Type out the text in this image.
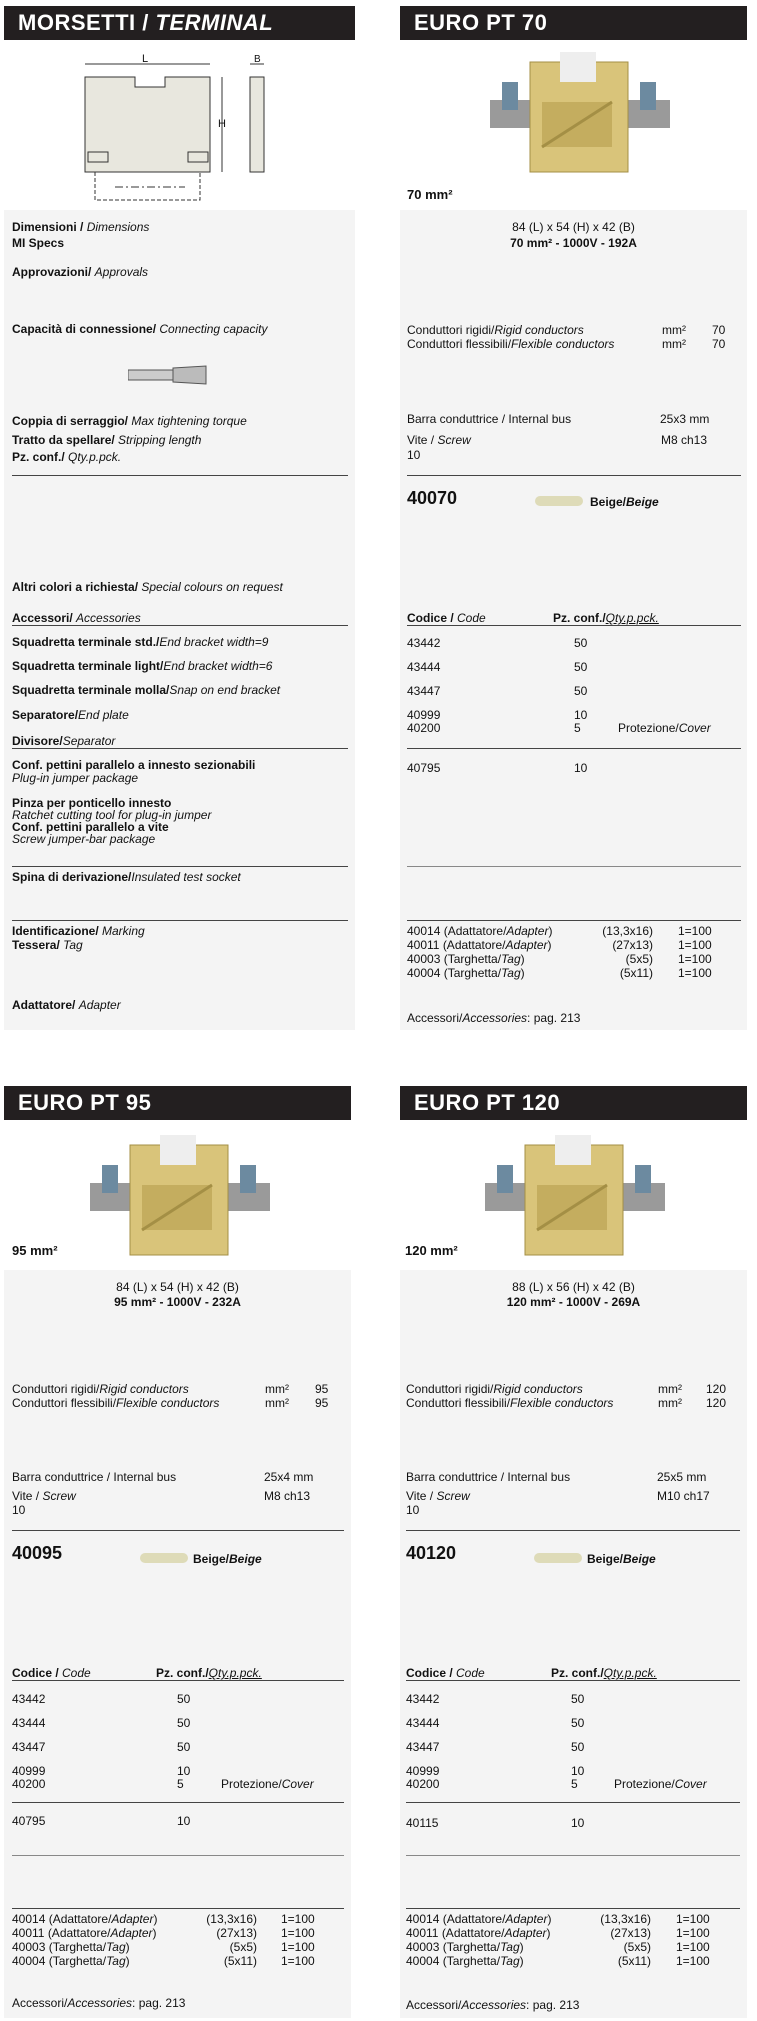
MORSETTI / TERMINAL BLOCKS
EURO PT 70
EURO PT 95	EURO PT 120
L
H
B
70 mm²
95 mm²	120 mm²
Dimensioni / Dimensions
MI Specs
Approvazioni/ Approvals
Capacità di connessione/ Connecting capacity
Coppia di serraggio/ Max tightening torque
Tratto da spellare/ Stripping length
Pz. conf./ Qty.p.pck.
Altri colori a richiesta/ Special colours on request
Accessori/ Accessories
Squadretta terminale std./End bracket width=9
Squadretta terminale light/End bracket width=6
Squadretta terminale molla/Snap on end bracket
Separatore/End plate
Divisore/Separator
Conf. pettini parallelo a innesto sezionabili
Plug-in jumper package
Pinza per ponticello innesto
Ratchet cutting tool for plug-in jumper
Conf. pettini parallelo a vite
Screw jumper-bar package
Spina di derivazione/Insulated test socket
Identificazione/ Marking
Tessera/ Tag
Adattatore/ Adapter
84 (L) x 54 (H) x 42 (B)
70 mm² - 1000V - 192A
Conduttori rigidi/Rigid conductors	mm² 70
Conduttori flessibili/Flexible conductors	mm² 70
Barra conduttrice / Internal bus	25x3 mm
Vite / Screw	M8 ch13
10
40070	Beige/Beige
Codice / Code	Pz. conf./Qty.p.pck.
43442	50
43444	50
43447	50
40999	10
40200	5	Protezione/Cover
40795	10
40014 (Adattatore/Adapter)	(13,3x16) 1=100
40011 (Adattatore/Adapter)	(27x13) 1=100
40003 (Targhetta/Tag)	(5x5) 1=100
40004 (Targhetta/Tag)	(5x11) 1=100
Accessori/Accessories: pag. 213
84 (L) x 54 (H) x 42 (B)
95 mm² - 1000V - 232A
Conduttori rigidi/Rigid conductors	mm² 95
Conduttori flessibili/Flexible conductors	mm² 95
Barra conduttrice / Internal bus	25x4 mm
Vite / Screw	M8 ch13
10
40095	Beige/Beige
Codice / Code	Pz. conf./Qty.p.pck.
43442	50
43444	50
43447	50
40999	10
40200	5	Protezione/Cover
40795	10
40014 (Adattatore/Adapter)	(13,3x16) 1=100
40011 (Adattatore/Adapter)	(27x13) 1=100
40003 (Targhetta/Tag)	(5x5) 1=100
40004 (Targhetta/Tag)	(5x11) 1=100
Accessori/Accessories: pag. 213
88 (L) x 56 (H) x 42 (B)
120 mm² - 1000V - 269A
Conduttori rigidi/Rigid conductors	mm² 120
Conduttori flessibili/Flexible conductors	mm² 120
Barra conduttrice / Internal bus	25x5 mm
Vite / Screw	M10 ch17
10
40120	Beige/Beige
Codice / Code	Pz. conf./Qty.p.pck.
43442	50
43444	50
43447	50
40999	10
40200	5	Protezione/Cover
40115	10
40014 (Adattatore/Adapter)	(13,3x16) 1=100
40011 (Adattatore/Adapter)	(27x13) 1=100
40003 (Targhetta/Tag)	(5x5) 1=100
40004 (Targhetta/Tag)	(5x11) 1=100
Accessori/Accessories: pag. 213
